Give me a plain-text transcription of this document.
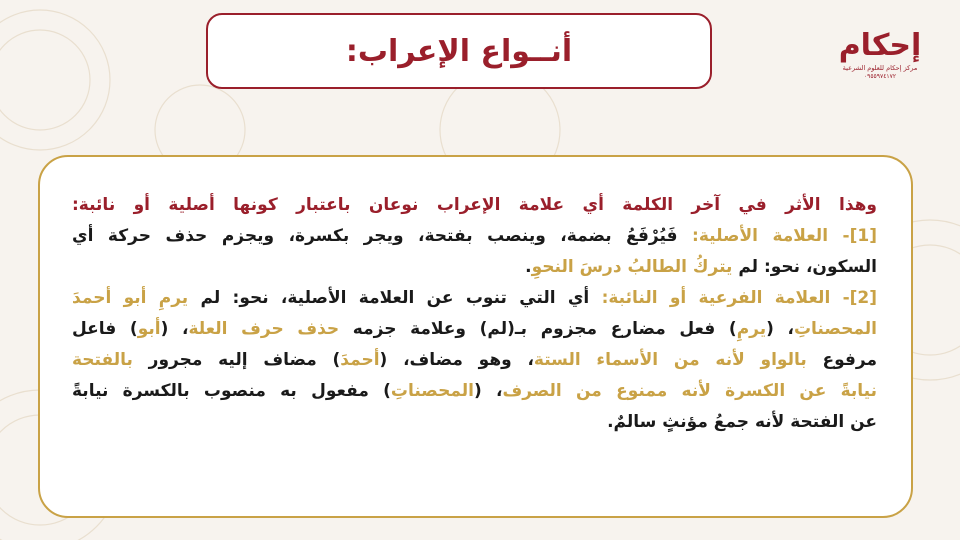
أنــواع الإعراب:	إحكام
مركز إحكام للعلوم الشرعية
٠٩٥٥٩٧٤١٧٢
وهذا الأثر في آخر الكلمة أي علامة الإعراب نوعان باعتبار كونها أصلية أو نائبة:
[1]- العلامة الأصلية: فَيُرْفَعُ بضمة، وينصب بفتحة، ويجر بكسرة، ويجزم حذف حركة أي
السكون، نحو: لم يتركُ الطالبُ درسَ النحوِ.
[2]- العلامة الفرعية أو النائبة: أي التي تنوب عن العلامة الأصلية، نحو: لم يرمِ أبو أحمدَ
المحصناتِ، (يرمِ) فعل مضارع مجزوم بـ(لم) وعلامة جزمه حذف حرف العلة، (أبو) فاعل
مرفوع بالواو لأنه من الأسماء الستة، وهو مضاف، (أحمدَ) مضاف إليه مجرور بالفتحة
نيابةً عن الكسرة لأنه ممنوع من الصرف، (المحصناتِ) مفعول به منصوب بالكسرة نيابةً
عن الفتحة لأنه جمعُ مؤنثٍ سالمٌ.
